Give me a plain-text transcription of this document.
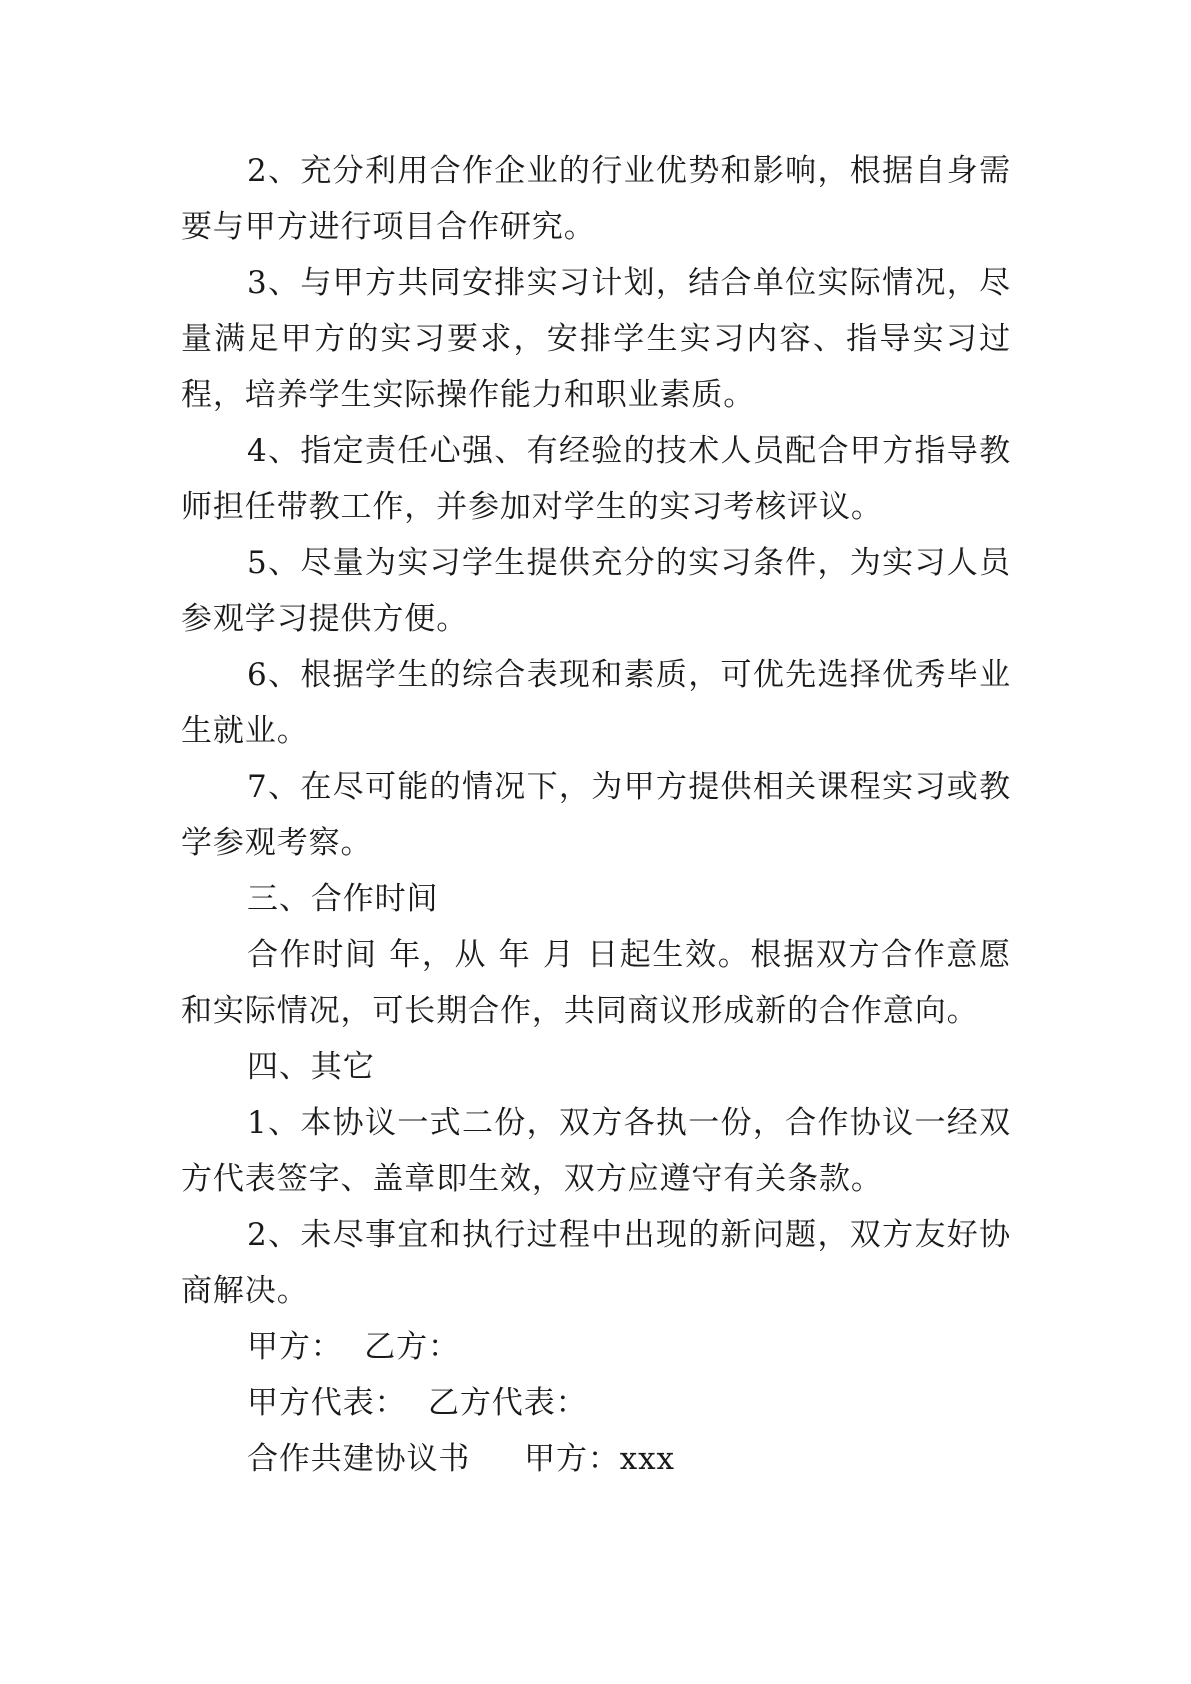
2、充分利用合作企业的行业优势和影响，根据自身需要与甲方进行项目合作研究。

3、与甲方共同安排实习计划，结合单位实际情况，尽量满足甲方的实习要求，安排学生实习内容、指导实习过程，培养学生实际操作能力和职业素质。

4、指定责任心强、有经验的技术人员配合甲方指导教师担任带教工作，并参加对学生的实习考核评议。

5、尽量为实习学生提供充分的实习条件，为实习人员参观学习提供方便。

6、根据学生的综合表现和素质，可优先选择优秀毕业生就业。

7、在尽可能的情况下，为甲方提供相关课程实习或教学参观考察。

三、合作时间

合作时间 年，从 年 月 日起生效。根据双方合作意愿和实际情况，可长期合作，共同商议形成新的合作意向。

四、其它

1、本协议一式二份，双方各执一份，合作协议一经双方代表签字、盖章即生效，双方应遵守有关条款。

2、未尽事宜和执行过程中出现的新问题，双方友好协商解决。

甲方：  乙方：

甲方代表：  乙方代表：

合作共建协议书     甲方：xxx
